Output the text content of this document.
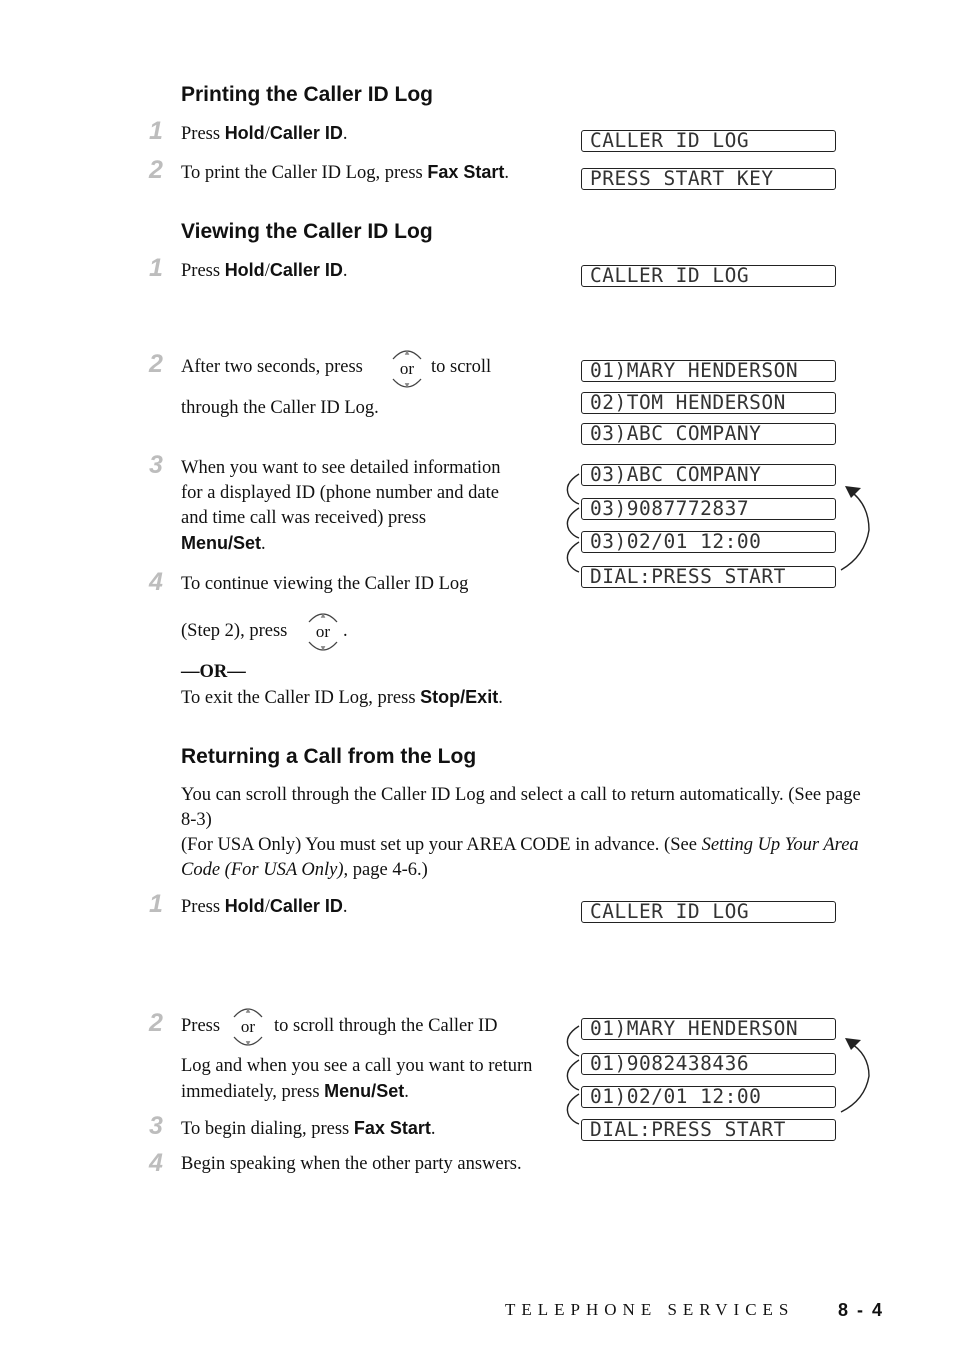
Printing the Caller ID Log
1 Press Hold/Caller ID.	CALLER ID LOG
2 To print the Caller ID Log, press Fax Start.	PRESS START KEY
Viewing the Caller ID Log
1 Press Hold/Caller ID.	CALLER ID LOG
2 After two seconds, press
▲
▼
or to scroll
through the Caller ID Log.
01)MARY HENDERSON
02)TOM HENDERSON
03)ABC COMPANY
3 When you want to see detailed information
for a displayed ID (phone number and date
and time call was received) press
Menu/Set.
03)ABC COMPANY
03)9087772837
03)02/01 12:00
DIAL:PRESS START
4 To continue viewing the Caller ID Log
(Step 2), press
▲
▼
or .
—OR—
To exit the Caller ID Log, press Stop/Exit.
Returning a Call from the Log
You can scroll through the Caller ID Log and select a call to return automatically. (See page 8-3)
(For USA Only) You must set up your AREA CODE in advance. (See Setting Up Your Area Code (For USA Only), page 4-6.)
1 Press Hold/Caller ID.	CALLER ID LOG
2 Press
▲
▼
or to scroll through the Caller ID
Log and when you see a call you want to return
immediately, press Menu/Set.
01)MARY HENDERSON
01)9082438436
01)02/01 12:00
DIAL:PRESS START
3 To begin dialing, press Fax Start.
4 Begin speaking when the other party answers.
TELEPHONE SERVICES 8 - 4
